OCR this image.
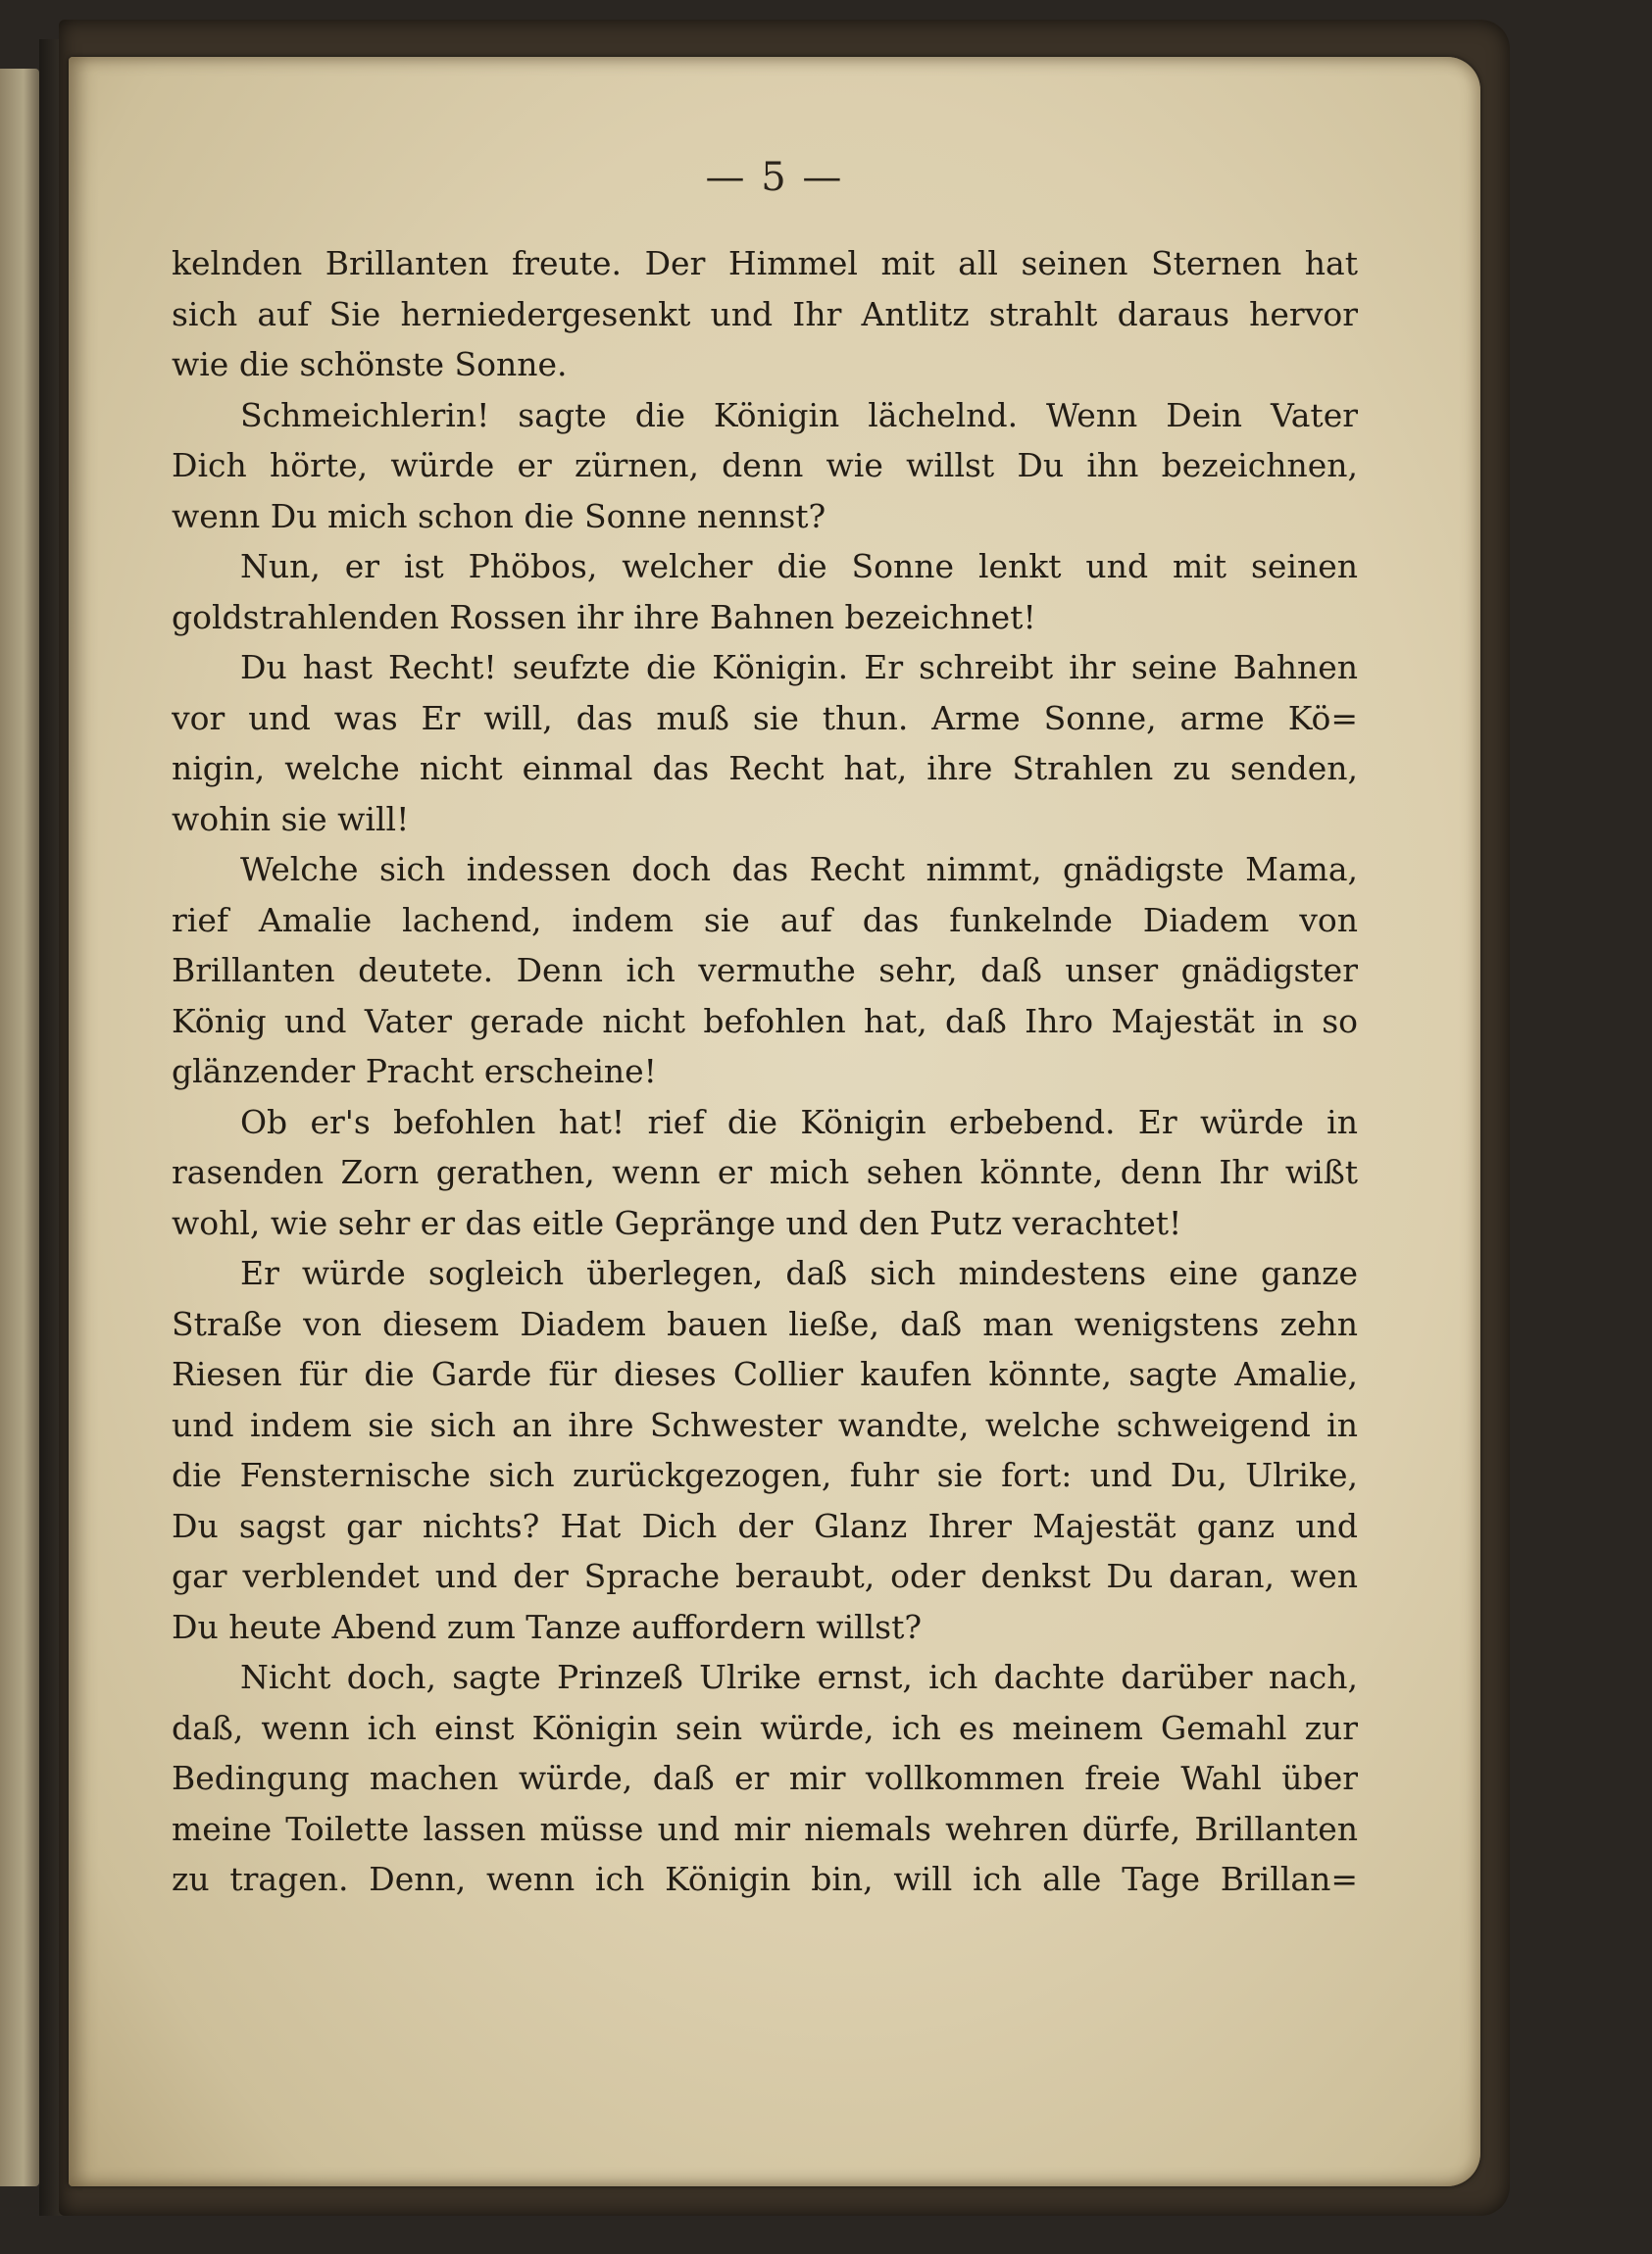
— 5 —
kelnden Brillanten freute. Der Himmel mit all seinen Sternen hat
sich auf Sie herniedergesenkt und Ihr Antlitz strahlt daraus hervor
wie die schönste Sonne.
Schmeichlerin! sagte die Königin lächelnd. Wenn Dein Vater
Dich hörte, würde er zürnen, denn wie willst Du ihn bezeichnen,
wenn Du mich schon die Sonne nennst?
Nun, er ist Phöbos, welcher die Sonne lenkt und mit seinen
goldstrahlenden Rossen ihr ihre Bahnen bezeichnet!
Du hast Recht! seufzte die Königin. Er schreibt ihr seine Bahnen
vor und was Er will, das muß sie thun. Arme Sonne, arme Kö=
nigin, welche nicht einmal das Recht hat, ihre Strahlen zu senden,
wohin sie will!
Welche sich indessen doch das Recht nimmt, gnädigste Mama,
rief Amalie lachend, indem sie auf das funkelnde Diadem von
Brillanten deutete. Denn ich vermuthe sehr, daß unser gnädigster
König und Vater gerade nicht befohlen hat, daß Ihro Majestät in so
glänzender Pracht erscheine!
Ob er's befohlen hat! rief die Königin erbebend. Er würde in
rasenden Zorn gerathen, wenn er mich sehen könnte, denn Ihr wißt
wohl, wie sehr er das eitle Gepränge und den Putz verachtet!
Er würde sogleich überlegen, daß sich mindestens eine ganze
Straße von diesem Diadem bauen ließe, daß man wenigstens zehn
Riesen für die Garde für dieses Collier kaufen könnte, sagte Amalie,
und indem sie sich an ihre Schwester wandte, welche schweigend in
die Fensternische sich zurückgezogen, fuhr sie fort: und Du, Ulrike,
Du sagst gar nichts? Hat Dich der Glanz Ihrer Majestät ganz und
gar verblendet und der Sprache beraubt, oder denkst Du daran, wen
Du heute Abend zum Tanze auffordern willst?
Nicht doch, sagte Prinzeß Ulrike ernst, ich dachte darüber nach,
daß, wenn ich einst Königin sein würde, ich es meinem Gemahl zur
Bedingung machen würde, daß er mir vollkommen freie Wahl über
meine Toilette lassen müsse und mir niemals wehren dürfe, Brillanten
zu tragen. Denn, wenn ich Königin bin, will ich alle Tage Brillan=
